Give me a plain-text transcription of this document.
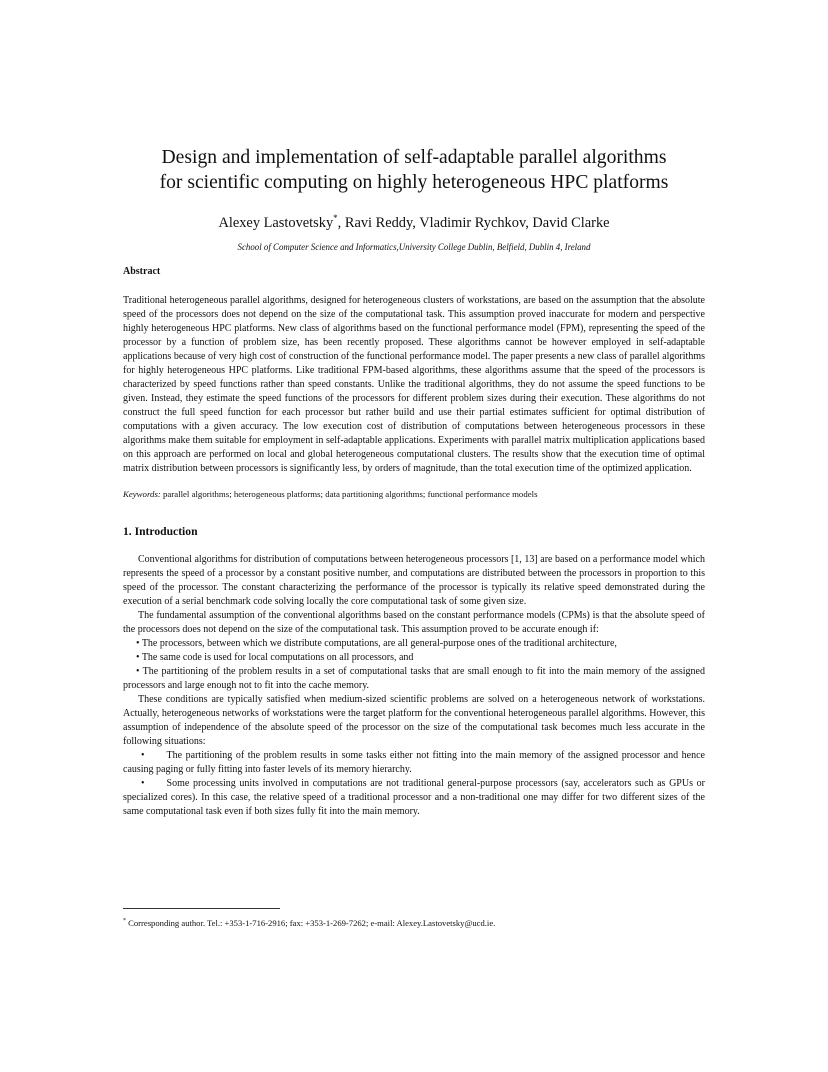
Design and implementation of self-adaptable parallel algorithms
for scientific computing on highly heterogeneous HPC platforms
Alexey Lastovetsky*, Ravi Reddy, Vladimir Rychkov, David Clarke
School of Computer Science and Informatics,University College Dublin, Belfield, Dublin 4, Ireland
Abstract
Traditional heterogeneous parallel algorithms, designed for heterogeneous clusters of workstations, are based on the assumption that the absolute speed of the processors does not depend on the size of the computational task. This assumption proved inaccurate for modern and perspective highly heterogeneous HPC platforms. New class of algorithms based on the functional performance model (FPM), representing the speed of the processor by a function of problem size, has been recently proposed. These algorithms cannot be however employed in self-adaptable applications because of very high cost of construction of the functional performance model. The paper presents a new class of parallel algorithms for highly heterogeneous HPC platforms. Like traditional FPM-based algorithms, these algorithms assume that the speed of the processors is characterized by speed functions rather than speed constants. Unlike the traditional algorithms, they do not assume the speed functions to be given. Instead, they estimate the speed functions of the processors for different problem sizes during their execution. These algorithms do not construct the full speed function for each processor but rather build and use their partial estimates sufficient for optimal distribution of computations with a given accuracy. The low execution cost of distribution of computations between heterogeneous processors in these algorithms make them suitable for employment in self-adaptable applications. Experiments with parallel matrix multiplication applications based on this approach are performed on local and global heterogeneous computational clusters. The results show that the execution time of optimal matrix distribution between processors is significantly less, by orders of magnitude, than the total execution time of the optimized application.
Keywords: parallel algorithms; heterogeneous platforms; data partitioning algorithms; functional performance models
1. Introduction
Conventional algorithms for distribution of computations between heterogeneous processors [1, 13] are based on a performance model which represents the speed of a processor by a constant positive number, and computations are distributed between the processors in proportion to this speed of the processor. The constant characterizing the performance of the processor is typically its relative speed demonstrated during the execution of a serial benchmark code solving locally the core computational task of some given size.
The fundamental assumption of the conventional algorithms based on the constant performance models (CPMs) is that the absolute speed of the processors does not depend on the size of the computational task. This assumption proved to be accurate enough if:
• The processors, between which we distribute computations, are all general-purpose ones of the traditional architecture,
• The same code is used for local computations on all processors, and
• The partitioning of the problem results in a set of computational tasks that are small enough to fit into the main memory of the assigned processors and large enough not to fit into the cache memory.
These conditions are typically satisfied when medium-sized scientific problems are solved on a heterogeneous network of workstations. Actually, heterogeneous networks of workstations were the target platform for the conventional heterogeneous parallel algorithms. However, this assumption of independence of the absolute speed of the processor on the size of the computational task becomes much less accurate in the following situations:
• The partitioning of the problem results in some tasks either not fitting into the main memory of the assigned processor and hence causing paging or fully fitting into faster levels of its memory hierarchy.
• Some processing units involved in computations are not traditional general-purpose processors (say, accelerators such as GPUs or specialized cores). In this case, the relative speed of a traditional processor and a non-traditional one may differ for two different sizes of the same computational task even if both sizes fully fit into the main memory.
* Corresponding author. Tel.: +353-1-716-2916; fax: +353-1-269-7262; e-mail: Alexey.Lastovetsky@ucd.ie.
